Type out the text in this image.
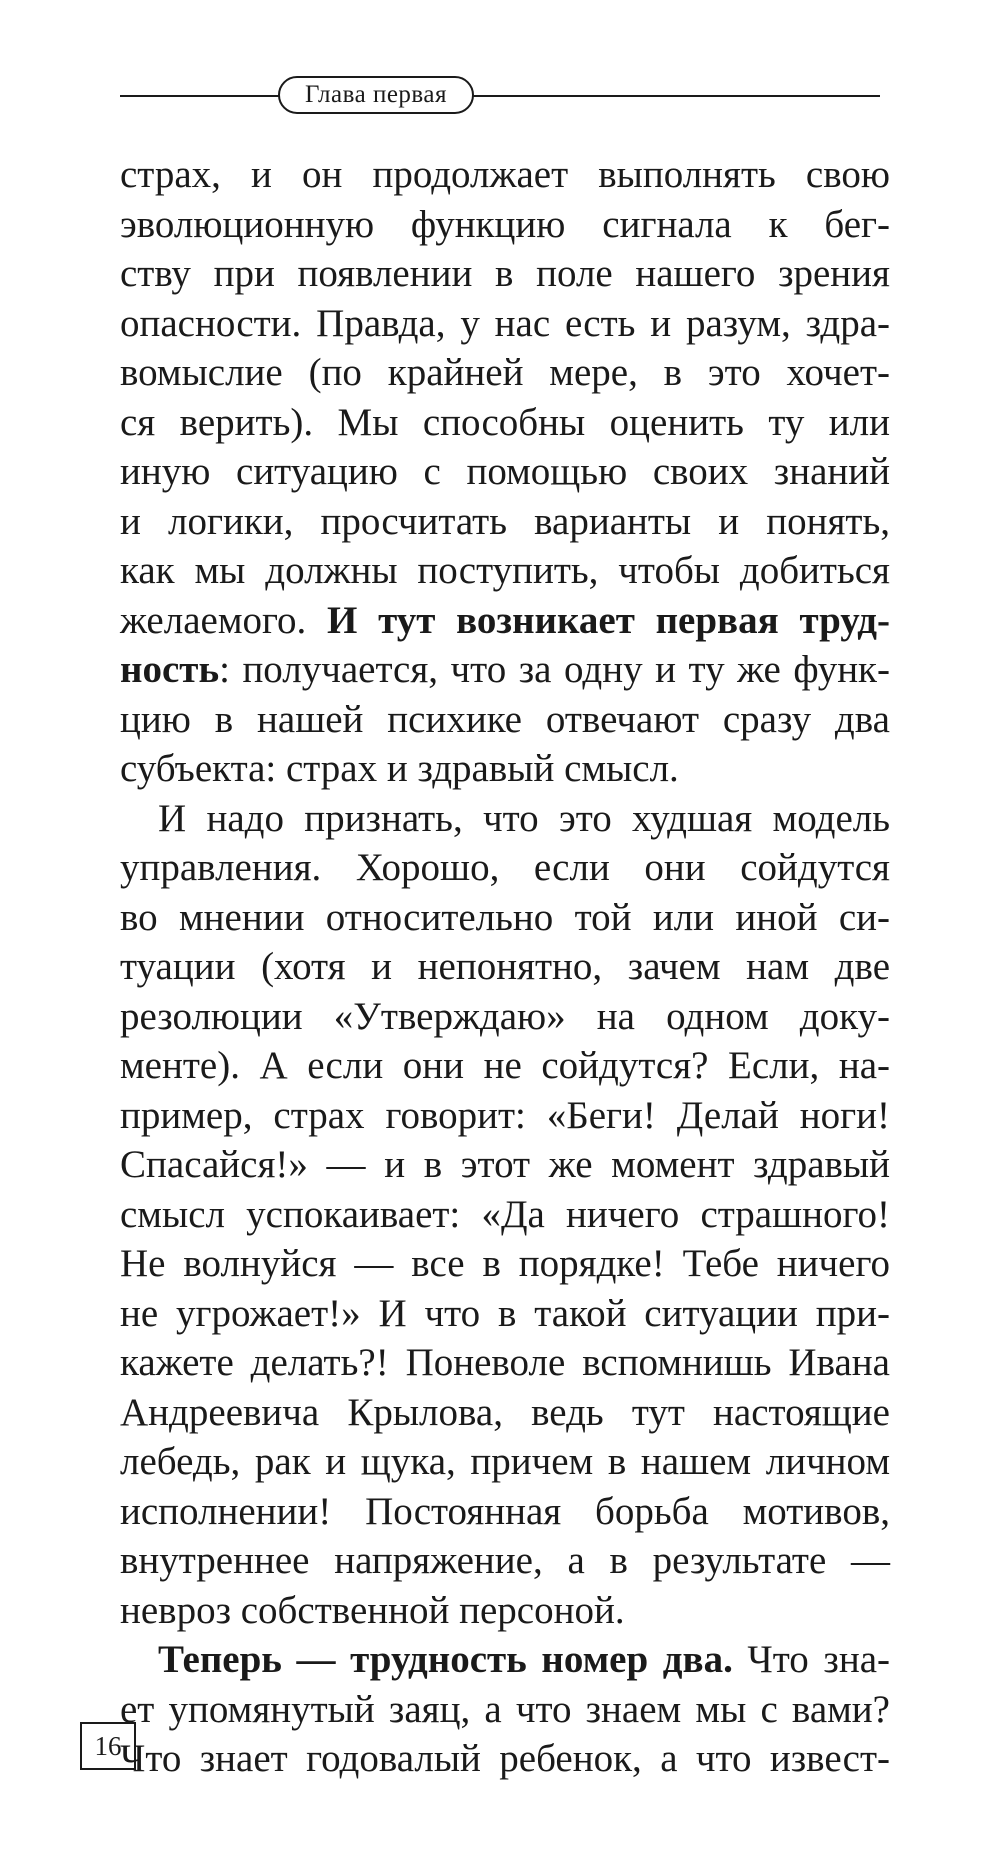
Глава первая
страх, и он продолжает выполнять свою
эволюционную функцию сигнала к бег-
ству при появлении в поле нашего зрения
опасности. Правда, у нас есть и разум, здра-
вомыслие (по крайней мере, в это хочет-
ся верить). Мы способны оценить ту или
иную ситуацию с помощью своих знаний
и логики, просчитать варианты и понять,
как мы должны поступить, чтобы добиться
желаемого. И тут возникает первая труд-
ность: получается, что за одну и ту же функ-
цию в нашей психике отвечают сразу два
субъекта: страх и здравый смысл.
И надо признать, что это худшая модель
управления. Хорошо, если они сойдутся
во мнении относительно той или иной си-
туации (хотя и непонятно, зачем нам две
резолюции «Утверждаю» на одном доку-
менте). А если они не сойдутся? Если, на-
пример, страх говорит: «Беги! Делай ноги!
Спасайся!» — и в этот же момент здравый
смысл успокаивает: «Да ничего страшного!
Не волнуйся — все в порядке! Тебе ничего
не угрожает!» И что в такой ситуации при-
кажете делать?! Поневоле вспомнишь Ивана
Андреевича Крылова, ведь тут настоящие
лебедь, рак и щука, причем в нашем личном
исполнении! Постоянная борьба мотивов,
внутреннее напряжение, а в результате —
невроз собственной персоной.
Теперь — трудность номер два. Что зна-
ет упомянутый заяц, а что знаем мы с вами?
Что знает годовалый ребенок, а что извест-
16
